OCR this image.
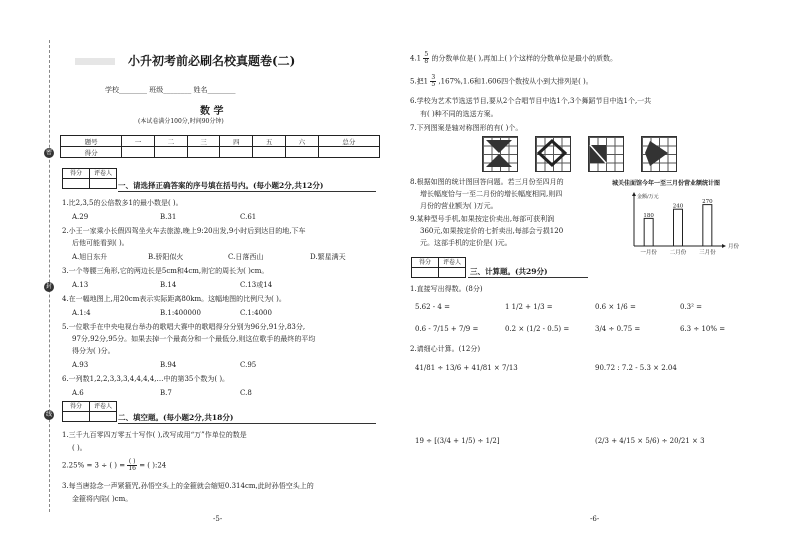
密
封
线
小升初考前必刷名校真题卷(二)
学校________ 班级________ 姓名________
数 学
(本试卷满分100分,时间90分钟)
题号	一	二	三	四	五	六	总分
得分							
得分	评卷人
一、请选择正确答案的序号填在括号内。(每小题2分,共12分)
1.比2,3,5的公倍数多1的最小数是( )。
A.29	B.31	C.61
2.小王一家乘小长假四驾坐火车去旅游,晚上9:20出发,9小时后到达目的地,下车
后他可能看到( )。
A.旭日东升	B.骄阳似火	C.日落西山	D.繁星满天
3.一个等腰三角形,它的两边长是5cm和4cm,则它的周长为( )cm。
A.13	B.14	C.13或14
4.在一幅地图上,用20cm表示实际距离80km。这幅地图的比例尺为( )。
A.1:4	B.1:400000	C.1:4000
5.一位歌手在中央电视台举办的歌唱大赛中的歌唱得分分别为96分,91分,83分,
97分,92分,95分。如果去掉一个最高分和一个最低分,则这位歌手的最终的平均
得分为( )分。
A.93	B.94	C.95
6.一列数1,2,2,3,3,3,4,4,4,4,…中的第35个数为( )。
A.6	B.7	C.8
得分	评卷人
二、填空题。(每小题2分,共18分)
1.三千九百零四万零五十写作( ),改写成用“万”作单位的数是
( )。
2.25% = 3 ÷ ( ) = $\frac{( )}{16}$ = ( ):24
3.每当唐捻念一声紧箍咒,孙悟空头上的金箍就会缩短0.314cm,此时孙悟空头上的
金箍将内陷( )cm。
-5-
$4.1 \frac{5}{8}$ 的分数单位是( ),再加上( )个这样的分数单位是最小的质数。
5.把$1 \frac{3}{5} ,167\%,1.6$和1.606四个数按从小到大排列是( )。
6.学校为艺术节选送节目,要从2个合唱节目中选1个,3个舞蹈节目中选1个,一共
有( )种不同的选送方案。
7.下列图案是轴对称图形的有( )个。
8.根据如图的统计图回答问题。若三月份至四月的
增长幅度恰与一至二月份的增长幅度相同,则四
月份的营业额为( )万元。
9.某种型号手机,如果按定价卖出,每部可获利润
360元,如果按定价的七折卖出,每部会亏损120
元。这部手机的定价是( )元。
城关佳面馆今年一至三月份营业额统计图
金额/万元
月份
180
一月份
240
二月份
270
三月份
得分	评卷人
三、计算题。(共29分)
1.直接写出得数。(8分)
5.62 - 4 =	1 1/2 + 1/3 =	0.6 × 1/6 =	0.3² =
0.6 - 7/15 + 7/9 =	0.2 × (1/2 - 0.5) =	3/4 ÷ 0.75 =	6.3 ÷ 10% =
2.请细心计算。(12分)
41/81 ÷ 13/6 + 41/81 × 7/13	90.72 : 7.2 - 5.3 × 2.04
19 ÷ [(3/4 + 1/5) ÷ 1/2]	(2/3 + 4/15 × 5/6) ÷ 20/21 × 3
-6-
